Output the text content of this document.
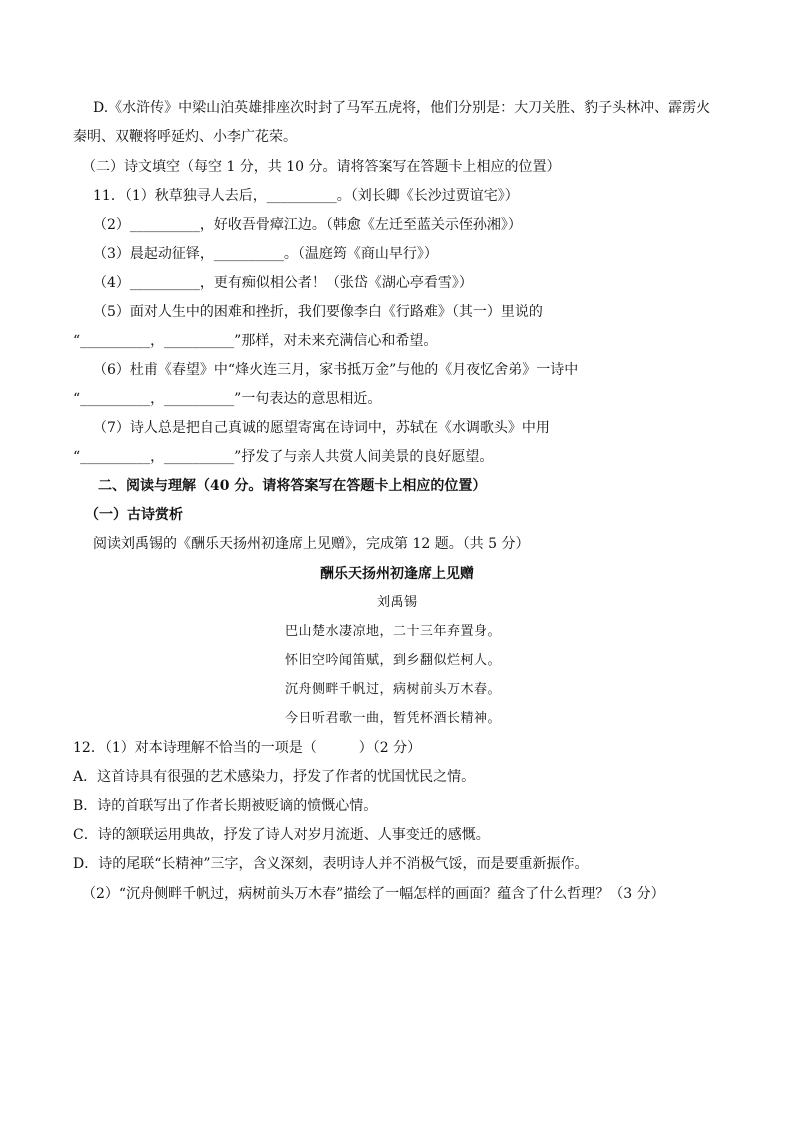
D.《水浒传》中梁山泊英雄排座次时封了马军五虎将，他们分别是：大刀关胜、豹子头林冲、霹雳火
秦明、双鞭将呼延灼、小李广花荣。
（二）诗文填空（每空 1 分，共 10 分。请将答案写在答题卡上相应的位置）
11．（1）秋草独寻人去后，__________。（刘长卿《长沙过贾谊宅》）
（2）__________，好收吾骨瘴江边。（韩愈《左迁至蓝关示侄孙湘》）
（3）晨起动征铎，__________。（温庭筠《商山早行》）
（4）__________，更有痴似相公者！（张岱《湖心亭看雪》）
（5）面对人生中的困难和挫折，我们要像李白《行路难》（其一）里说的
“__________，__________”那样，对未来充满信心和希望。
（6）杜甫《春望》中“烽火连三月，家书抵万金”与他的《月夜忆舍弟》一诗中
“__________，__________”一句表达的意思相近。
（7）诗人总是把自己真诚的愿望寄寓在诗词中，苏轼在《水调歌头》中用
“__________，__________”抒发了与亲人共赏人间美景的良好愿望。
二、阅读与理解（40 分。请将答案写在答题卡上相应的位置）
（一）古诗赏析
阅读刘禹锡的《酬乐天扬州初逢席上见赠》，完成第 12 题。（共 5 分）
酬乐天扬州初逢席上见赠
刘禹锡
巴山楚水凄凉地，二十三年弃置身。
怀旧空吟闻笛赋，到乡翻似烂柯人。
沉舟侧畔千帆过，病树前头万木春。
今日听君歌一曲，暂凭杯酒长精神。
12．（1）对本诗理解不恰当的一项是（　　　）（2 分）
A．这首诗具有很强的艺术感染力，抒发了作者的忧国忧民之情。
B．诗的首联写出了作者长期被贬谪的愤慨心情。
C．诗的颔联运用典故，抒发了诗人对岁月流逝、人事变迁的感慨。
D．诗的尾联“长精神”三字，含义深刻，表明诗人并不消极气馁，而是要重新振作。
（2）“沉舟侧畔千帆过，病树前头万木春”描绘了一幅怎样的画面？蕴含了什么哲理？（3 分）
